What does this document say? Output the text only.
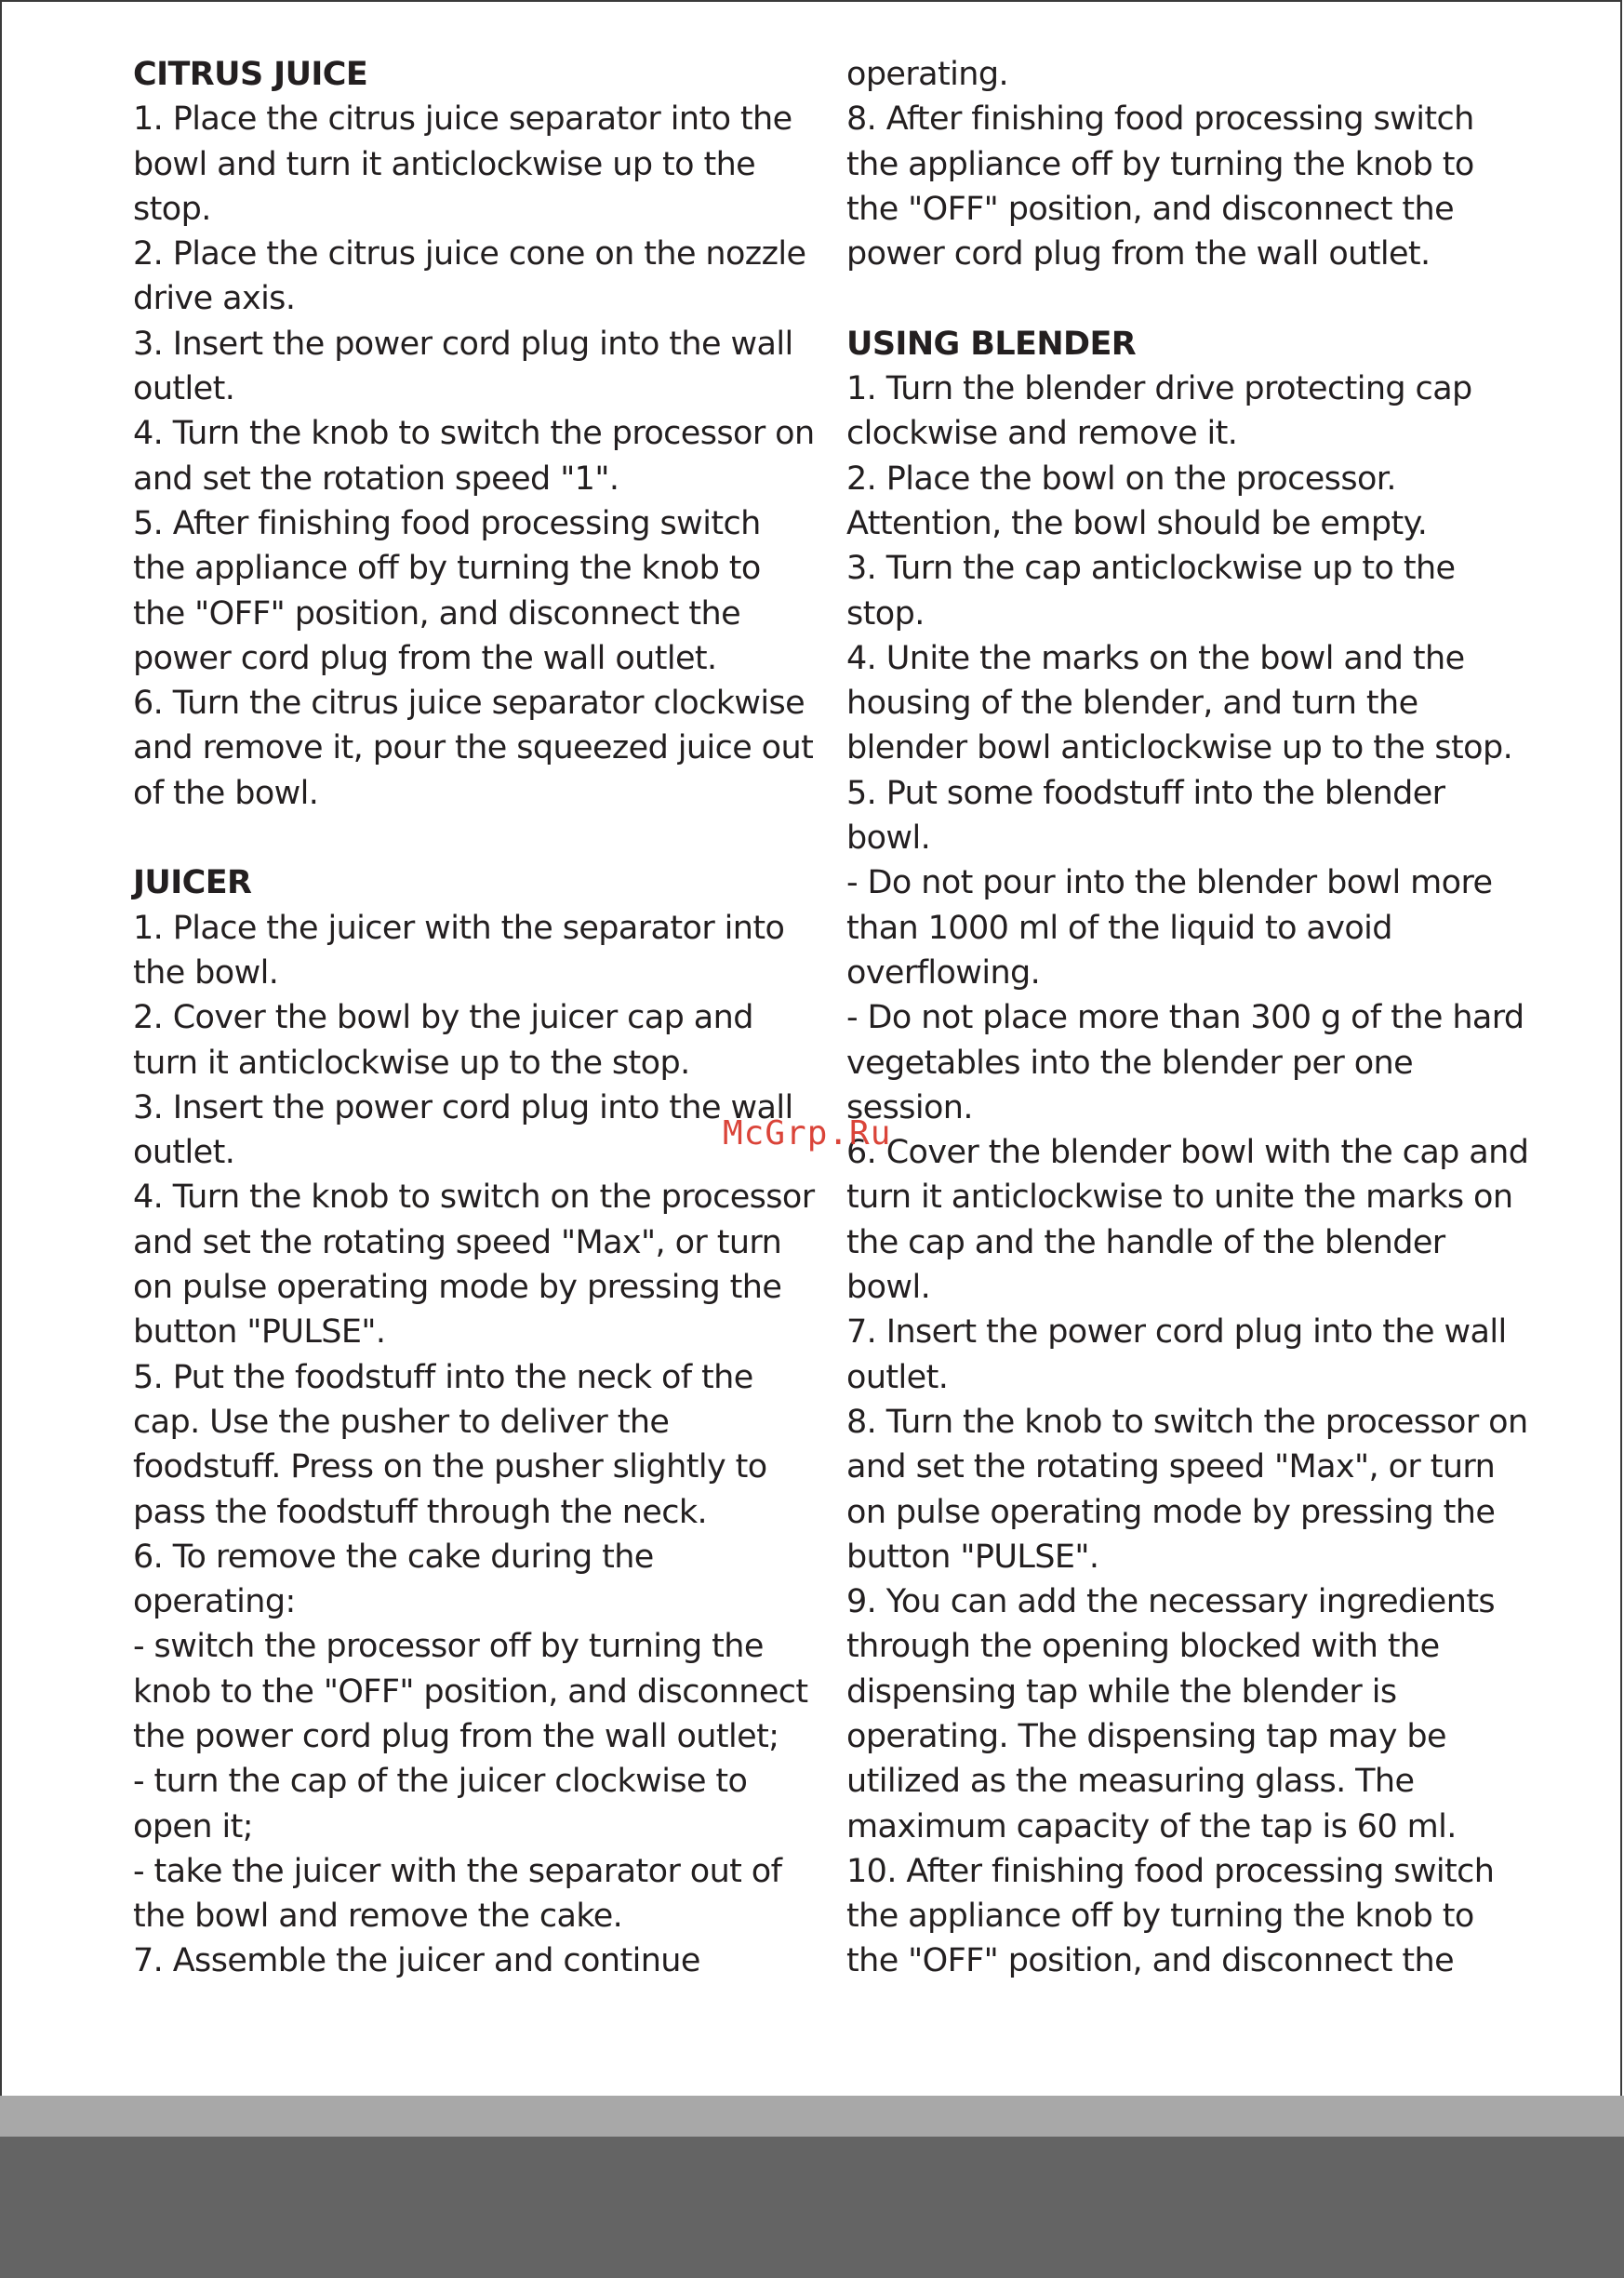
CITRUS JUICE
1. Place the citrus juice separator into the
bowl and turn it anticlockwise up to the
stop.
2. Place the citrus juice cone on the nozzle
drive axis.
3. Insert the power cord plug into the wall
outlet.
4. Turn the knob to switch the processor on
and set the rotation speed "1".
5. After finishing food processing switch
the appliance off by turning the knob to
the "OFF" position, and disconnect the
power cord plug from the wall outlet.
6. Turn the citrus juice separator clockwise
and remove it, pour the squeezed juice out
of the bowl.
JUICER
1. Place the juicer with the separator into
the bowl.
2. Cover the bowl by the juicer cap and
turn it anticlockwise up to the stop.
3. Insert the power cord plug into the wall
outlet.
4. Turn the knob to switch on the processor
and set the rotating speed "Max", or turn
on pulse operating mode by pressing the
button "PULSE".
5. Put the foodstuff into the neck of the
cap. Use the pusher to deliver the
foodstuff. Press on the pusher slightly to
pass the foodstuff through the neck.
6. To remove the cake during the
operating:
- switch the processor off by turning the
knob to the "OFF" position, and disconnect
the power cord plug from the wall outlet;
- turn the cap of the juicer clockwise to
open it;
- take the juicer with the separator out of
the bowl and remove the cake.
7. Assemble the juicer and continue
operating.
8. After finishing food processing switch
the appliance off by turning the knob to
the "OFF" position, and disconnect the
power cord plug from the wall outlet.
USING BLENDER
1. Turn the blender drive protecting cap
clockwise and remove it.
2. Place the bowl on the processor.
Attention, the bowl should be empty.
3. Turn the cap anticlockwise up to the
stop.
4. Unite the marks on the bowl and the
housing of the blender, and turn the
blender bowl anticlockwise up to the stop.
5. Put some foodstuff into the blender
bowl.
- Do not pour into the blender bowl more
than 1000 ml of the liquid to avoid
overflowing.
- Do not place more than 300 g of the hard
vegetables into the blender per one
session.
6. Cover the blender bowl with the cap and
turn it anticlockwise to unite the marks on
the cap and the handle of the blender
bowl.
7. Insert the power cord plug into the wall
outlet.
8. Turn the knob to switch the processor on
and set the rotating speed "Max", or turn
on pulse operating mode by pressing the
button "PULSE".
9. You can add the necessary ingredients
through the opening blocked with the
dispensing tap while the blender is
operating. The dispensing tap may be
utilized as the measuring glass. The
maximum capacity of the tap is 60 ml.
10. After finishing food processing switch
the appliance off by turning the knob to
the "OFF" position, and disconnect the
McGrp.Ru
